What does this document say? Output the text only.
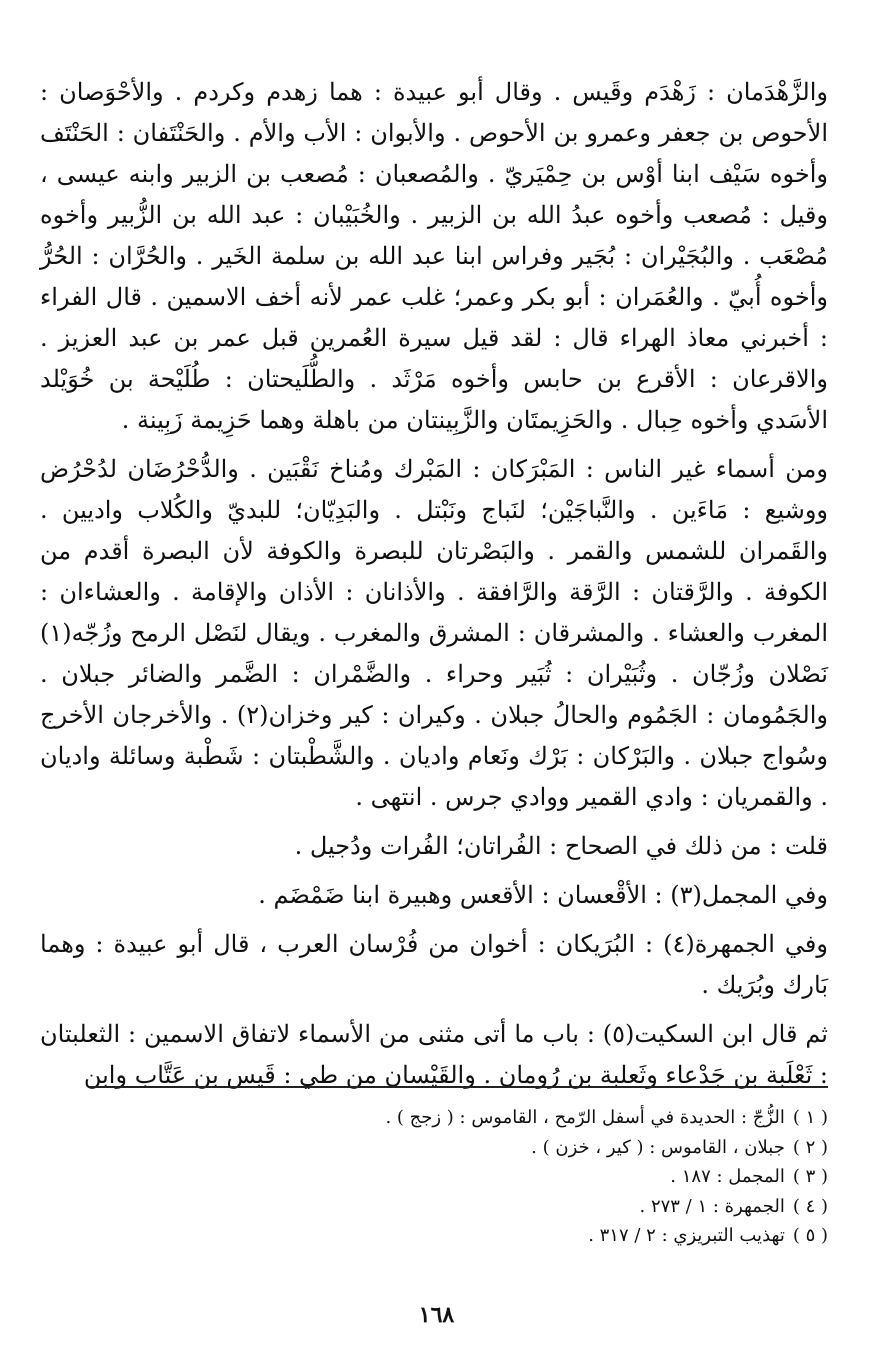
والزَّهْدَمان : زَهْدَم وقَيس . وقال أبو عبيدة : هما زهدم وكردم . والأحْوَصان : الأحوص بن جعفر وعمرو بن الأحوص . والأبوان : الأب والأم . والحَنْتَفان : الحَنْتَف وأخوه سَيْف ابنا أوْس بن حِمْيَريّ . والمُصعبان : مُصعب بن الزبير وابنه عيسى ، وقيل : مُصعب وأخوه عبدُ الله بن الزبير . والخُبَيْبان : عبد الله بن الزُّبير وأخوه مُصْعَب . والبُجَيْران : بُجَير وفراس ابنا عبد الله بن سلمة الخَير . والحُرَّان : الحُرُّ وأخوه أُبيّ . والعُمَران : أبو بكر وعمر؛ غلب عمر لأنه أخف الاسمين . قال الفراء : أخبرني معاذ الهراء قال : لقد قيل سيرة العُمرين قبل عمر بن عبد العزيز . والاقرعان : الأقرع بن حابس وأخوه مَرْثَد . والطُّلَيحتان : طُلَيْحة بن خُوَيْلد الأسَدي وأخوه حِبال . والحَزِيمتَان والزَّبِينتان من باهلة وهما حَزِيمة زَبِينة .

ومن أسماء غير الناس : المَبْرَكان : المَبْرك ومُناخ نَقْبَين . والدُّحْرُضَان لدُحْرُض ووشيع : مَاءَين . والنَّباجَيْن؛ لنَباج ونَبْتل . والبَدِيّان؛ للبديّ والكُلاب واديين . والقَمران للشمس والقمر . والبَصْرتان للبصرة والكوفة لأن البصرة أقدم من الكوفة . والرَّقتان : الرَّقة والرَّافقة . والأذانان : الأذان والإقامة . والعشاءان : المغرب والعشاء . والمشرقان : المشرق والمغرب . ويقال لنَصْل الرمح وزُجّه(١) نَصْلان وزُجّان . وثُبَيْران : ثُبَير وحراء . والضَّمْران : الضَّمر والضائر جبلان . والجَمُومان : الجَمُوم والحالُ جبلان . وكيران : كير وخزان(٢) . والأخرجان الأخرج وسُواج جبلان . والبَرْكان : بَرْك ونَعام واديان . والشَّطْبتان : شَطْبة وسائلة واديان . والقمريان : وادي القمير ووادي جرس . انتهى .

قلت : من ذلك في الصحاح : الفُراتان؛ الفُرات ودُجيل .

وفي المجمل(٣) : الأقْعسان : الأقعس وهبيرة ابنا ضَمْضَم .

وفي الجمهرة(٤) : البُرَيكان : أخوان من فُرْسان العرب ، قال أبو عبيدة : وهما بَارك وبُرَيك .

ثم قال ابن السكيت(٥) : باب ما أتى مثنى من الأسماء لاتفاق الاسمين : الثعلبتان : ثَعْلَبة بن جَدْعاء وثَعلبة بن رُومان . والقَيْسان من طي : قَيس بن عَتَّاب وابن

( ١ )الزُّجّ : الحديدة في أسفل الرّمح ، القاموس : ( زجج ) .

( ٢ )جبلان ، القاموس : ( كير ، خزن ) .

( ٣ )المجمل : ١٨٧ .

( ٤ )الجمهرة : ١ / ٢٧٣ .

( ٥ )تهذيب التبريزي : ٢ / ٣١٧ .

١٦٨
